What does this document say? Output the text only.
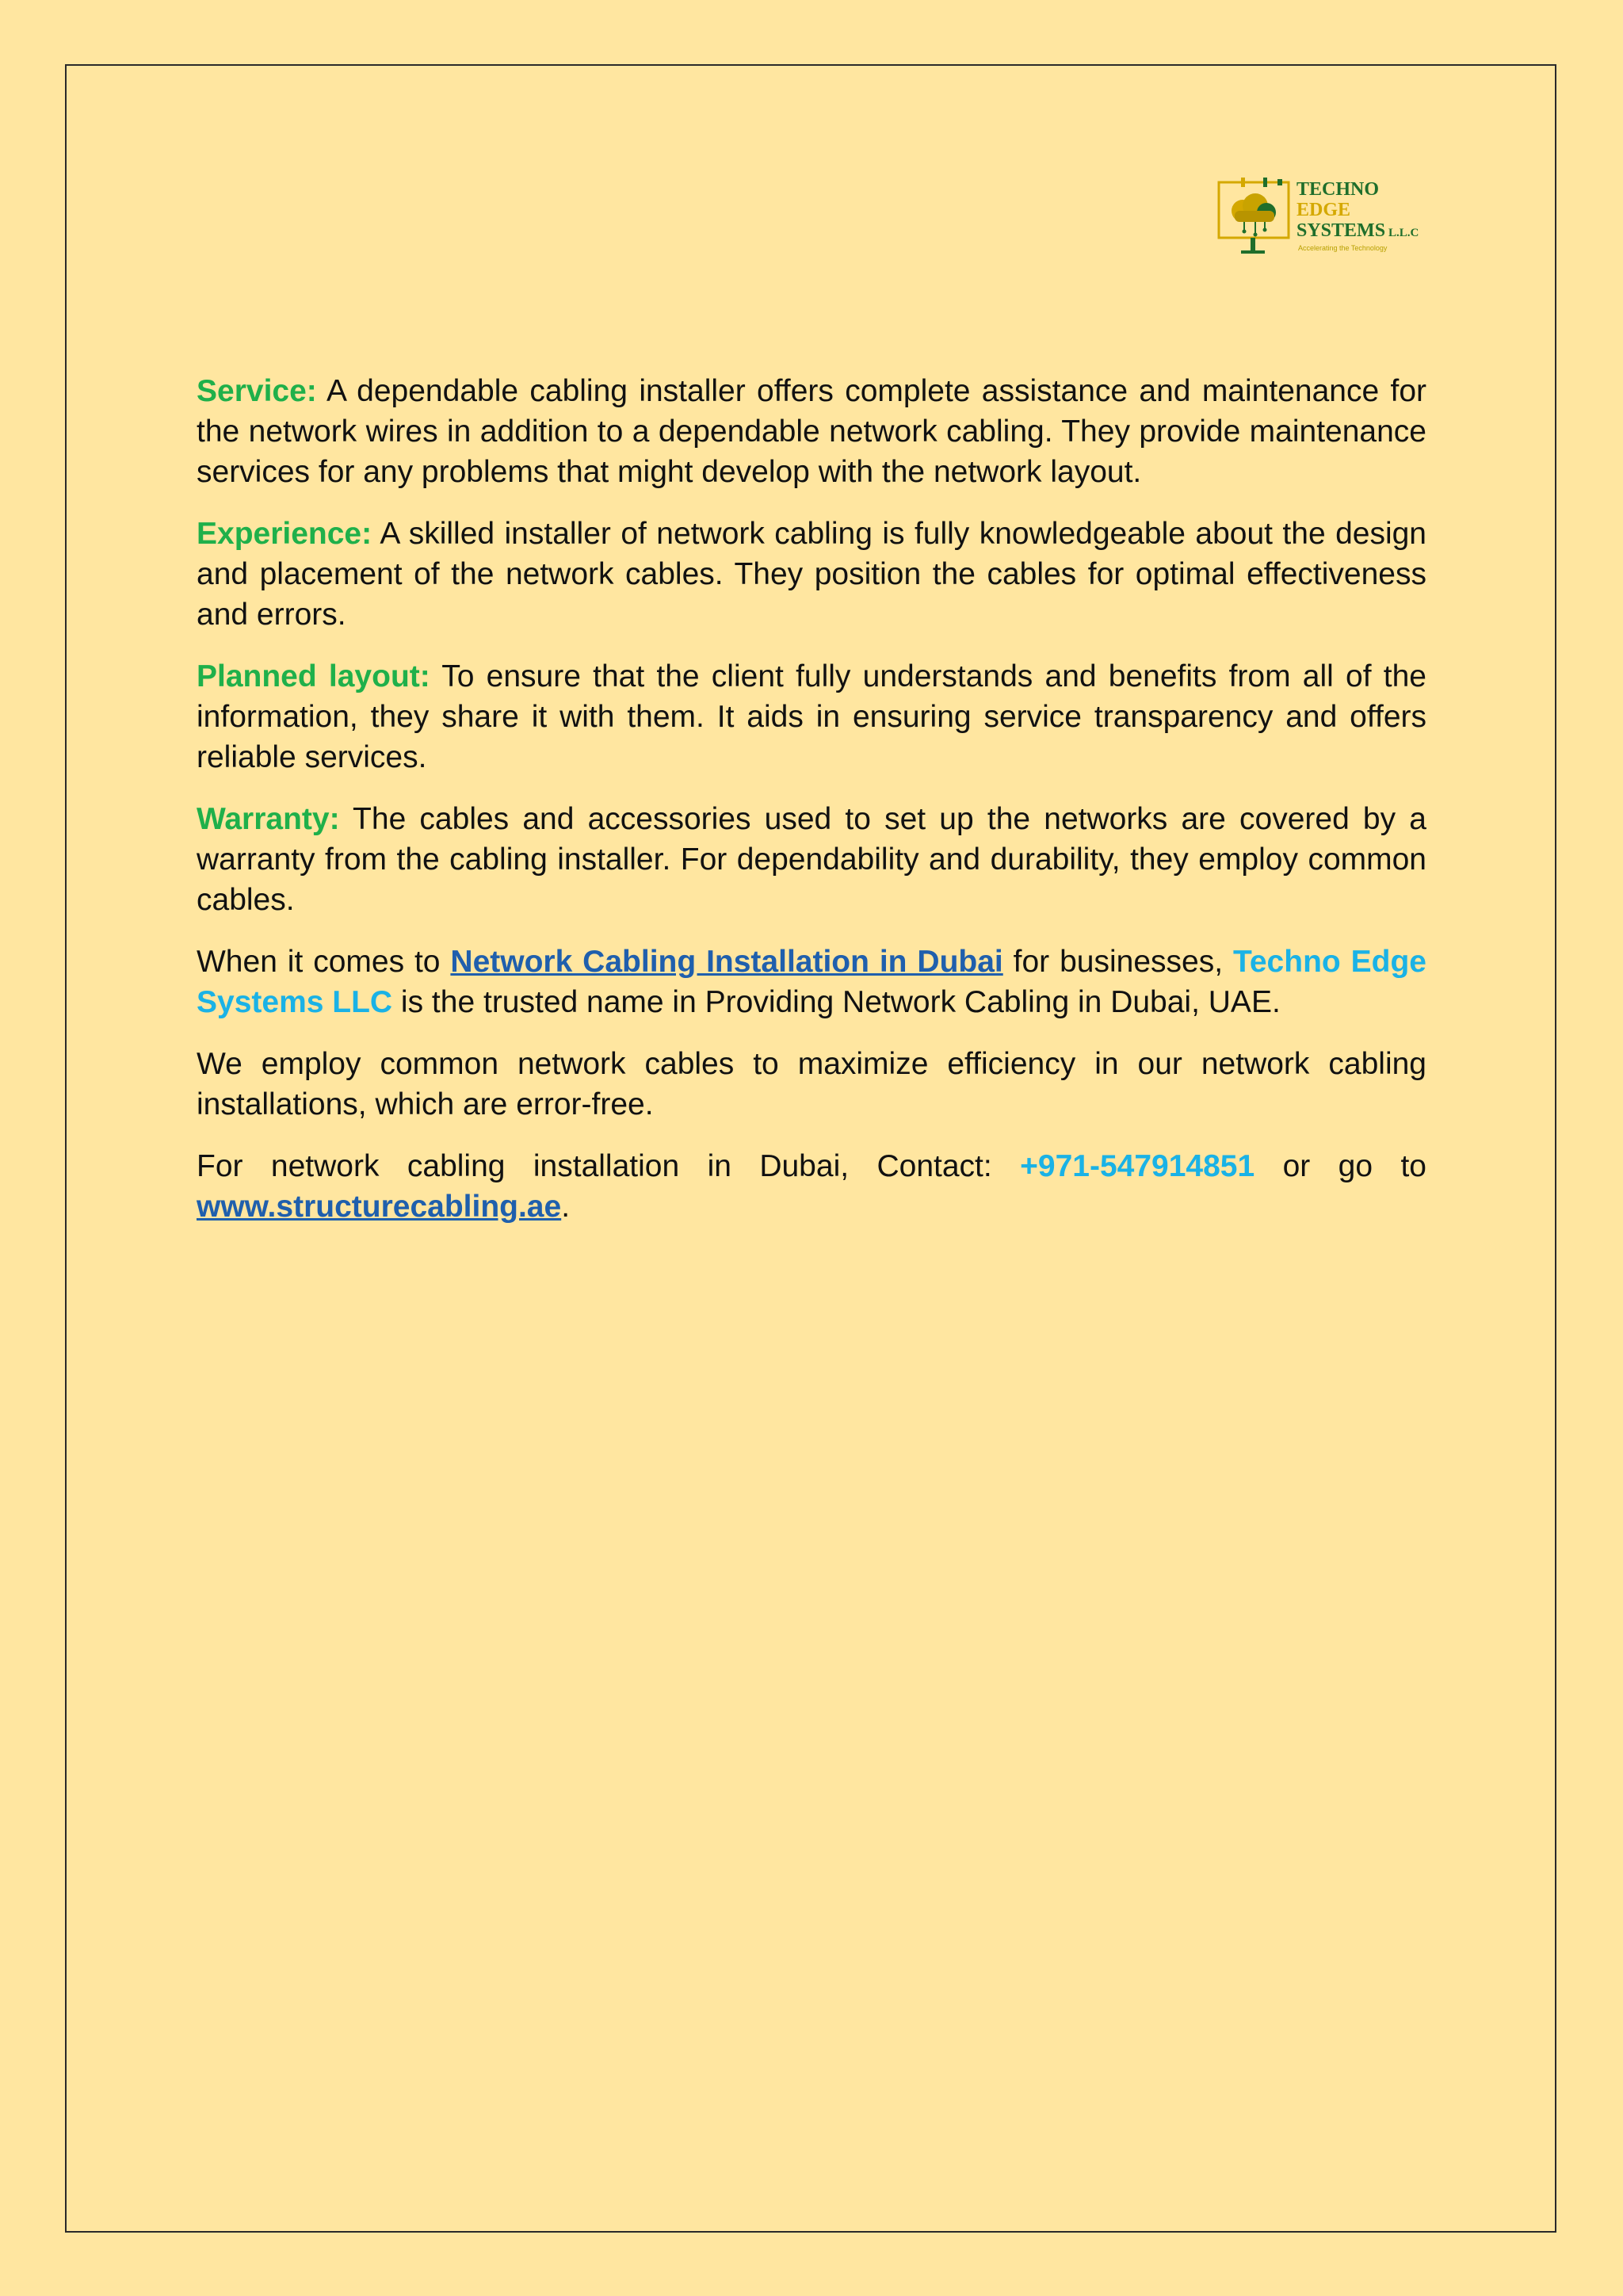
TECHNO
EDGE
SYSTEMS L.L.C
Accelerating the Technology

Service: A dependable cabling installer offers complete assistance and maintenance for the network wires in addition to a dependable network cabling. They provide maintenance services for any problems that might develop with the network layout.

Experience: A skilled installer of network cabling is fully knowledgeable about the design and placement of the network cables. They position the cables for optimal effectiveness and errors.

Planned layout: To ensure that the client fully understands and benefits from all of the information, they share it with them. It aids in ensuring service transparency and offers reliable services.

Warranty: The cables and accessories used to set up the networks are covered by a warranty from the cabling installer. For dependability and durability, they employ common cables.

When it comes to Network Cabling Installation in Dubai for businesses, Techno Edge Systems LLC is the trusted name in Providing Network Cabling in Dubai, UAE.

We employ common network cables to maximize efficiency in our network cabling installations, which are error-free.

For network cabling installation in Dubai, Contact: +971-547914851 or go to www.structurecabling.ae.
